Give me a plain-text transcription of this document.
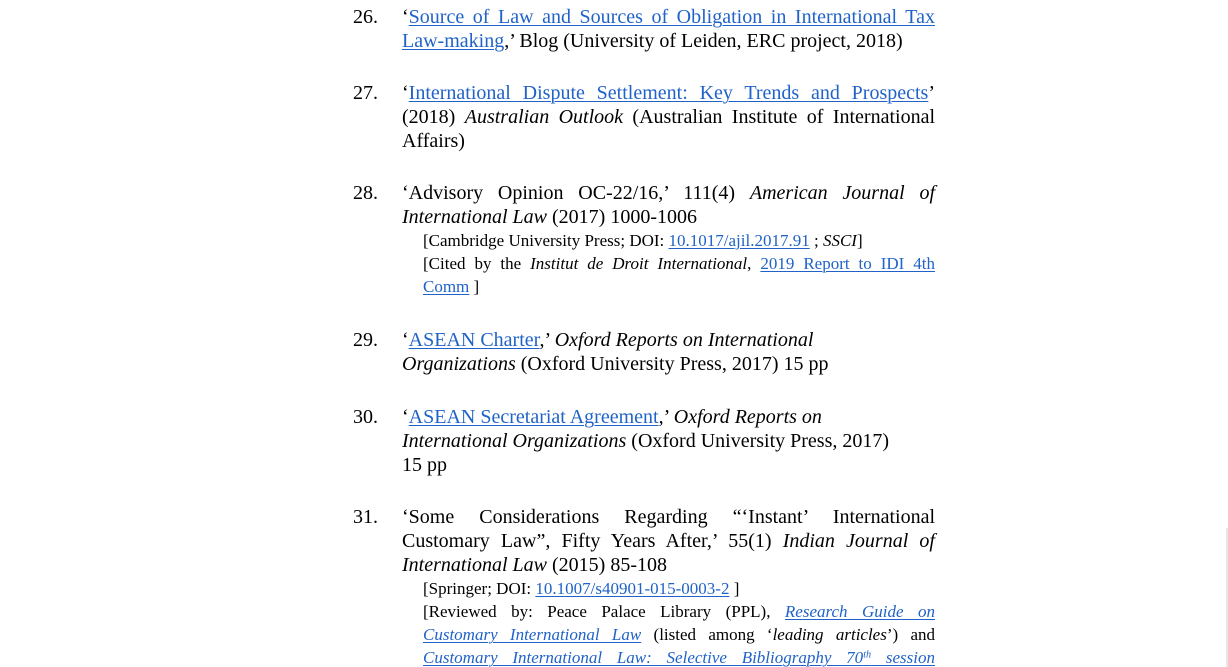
26. ‘Source of Law and Sources of Obligation in International Tax
Law-making,’ Blog (University of Leiden, ERC project, 2018)
27. ‘International Dispute Settlement: Key Trends and Prospects’
(2018) Australian Outlook (Australian Institute of International
Affairs)
28. ‘Advisory Opinion OC-22/16,’ 111(4) American Journal of
International Law (2017) 1000-1006
[Cambridge University Press; DOI: 10.1017/ajil.2017.91 ; SSCI]
[Cited by the Institut de Droit International, 2019 Report to IDI 4th
Comm ]
29. ‘ASEAN Charter,’ Oxford Reports on International
Organizations (Oxford University Press, 2017) 15 pp
30. ‘ASEAN Secretariat Agreement,’ Oxford Reports on
International Organizations (Oxford University Press, 2017)
15 pp
31. ‘Some Considerations Regarding “‘Instant’ International
Customary Law”, Fifty Years After,’ 55(1) Indian Journal of
International Law (2015) 85-108
[Springer; DOI: 10.1007/s40901-015-0003-2 ]
[Reviewed by: Peace Palace Library (PPL), Research Guide on
Customary International Law (listed among ‘leading articles’) and
Customary International Law: Selective Bibliography 70th session
